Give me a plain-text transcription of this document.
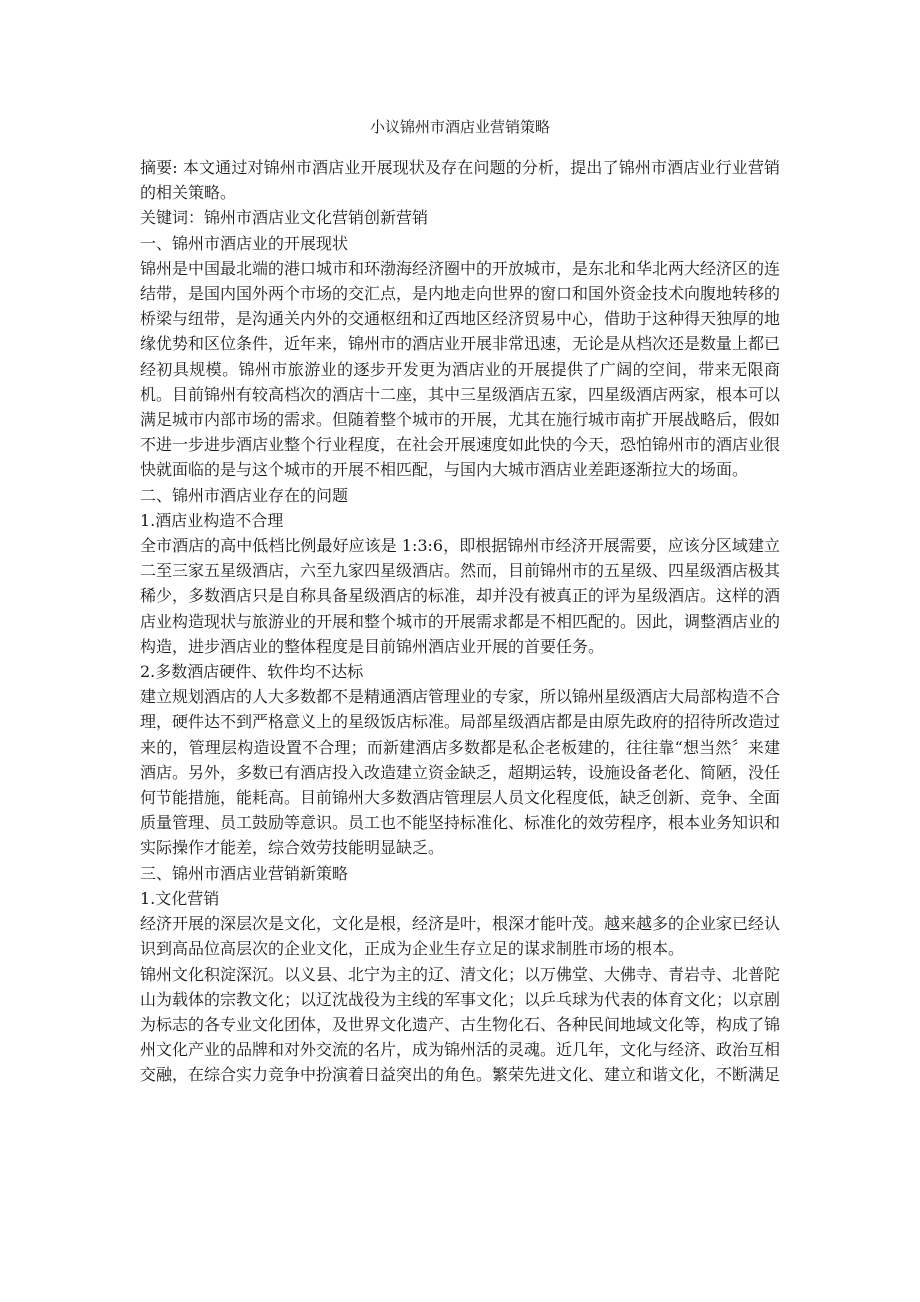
小议锦州市酒店业营销策略

摘要: 本文通过对锦州市酒店业开展现状及存在问题的分析，提出了锦州市酒店业行业营销的相关策略。

关键词：锦州市酒店业文化营销创新营销

一、锦州市酒店业的开展现状

锦州是中国最北端的港口城市和环渤海经济圈中的开放城市，是东北和华北两大经济区的连结带，是国内国外两个市场的交汇点，是内地走向世界的窗口和国外资金技术向腹地转移的桥梁与纽带，是沟通关内外的交通枢纽和辽西地区经济贸易中心，借助于这种得天独厚的地缘优势和区位条件，近年来，锦州市的酒店业开展非常迅速，无论是从档次还是数量上都已经初具规模。锦州市旅游业的逐步开发更为酒店业的开展提供了广阔的空间，带来无限商机。目前锦州有较高档次的酒店十二座，其中三星级酒店五家，四星级酒店两家，根本可以满足城市内部市场的需求。但随着整个城市的开展，尤其在施行城市南扩开展战略后，假如不进一步进步酒店业整个行业程度，在社会开展速度如此快的今天，恐怕锦州市的酒店业很快就面临的是与这个城市的开展不相匹配，与国内大城市酒店业差距逐渐拉大的场面。

二、锦州市酒店业存在的问题

1.酒店业构造不合理

全市酒店的高中低档比例最好应该是 1:3:6，即根据锦州市经济开展需要，应该分区域建立二至三家五星级酒店，六至九家四星级酒店。然而，目前锦州市的五星级、四星级酒店极其稀少，多数酒店只是自称具备星级酒店的标准，却并没有被真正的评为星级酒店。这样的酒店业构造现状与旅游业的开展和整个城市的开展需求都是不相匹配的。因此，调整酒店业的构造，进步酒店业的整体程度是目前锦州酒店业开展的首要任务。

2.多数酒店硬件、软件均不达标

建立规划酒店的人大多数都不是精通酒店管理业的专家，所以锦州星级酒店大局部构造不合理，硬件达不到严格意义上的星级饭店标准。局部星级酒店都是由原先政府的招待所改造过来的，管理层构造设置不合理；而新建酒店多数都是私企老板建的，往往靠“想当然〞来建酒店。另外，多数已有酒店投入改造建立资金缺乏，超期运转，设施设备老化、简陋，没任何节能措施，能耗高。目前锦州大多数酒店管理层人员文化程度低，缺乏创新、竞争、全面质量管理、员工鼓励等意识。员工也不能坚持标准化、标准化的效劳程序，根本业务知识和实际操作才能差，综合效劳技能明显缺乏。

三、锦州市酒店业营销新策略

1.文化营销

经济开展的深层次是文化，文化是根，经济是叶，根深才能叶茂。越来越多的企业家已经认识到高品位高层次的企业文化，正成为企业生存立足的谋求制胜市场的根本。

锦州文化积淀深沉。以义县、北宁为主的辽、清文化；以万佛堂、大佛寺、青岩寺、北普陀山为载体的宗教文化；以辽沈战役为主线的军事文化；以乒乓球为代表的体育文化；以京剧为标志的各专业文化团体，及世界文化遗产、古生物化石、各种民间地域文化等，构成了锦州文化产业的品牌和对外交流的名片，成为锦州活的灵魂。近几年，文化与经济、政治互相交融，在综合实力竞争中扮演着日益突出的角色。繁荣先进文化、建立和谐文化，不断满足
